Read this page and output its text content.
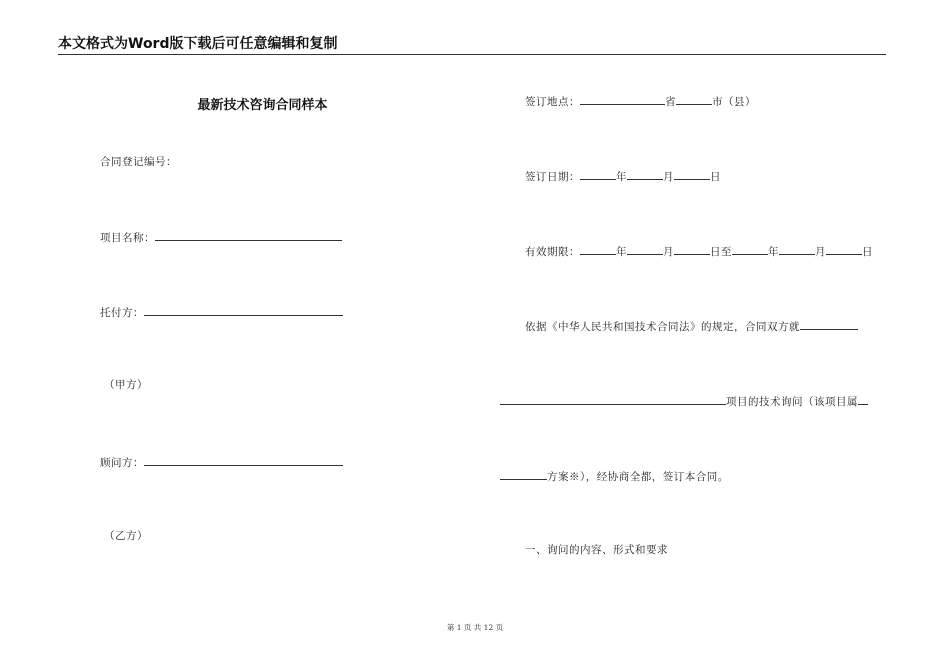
本文格式为Word版下载后可任意编辑和复制
最新技术咨询合同样本
合同登记编号：
项目名称：
托付方：
（甲方）
顾问方：
（乙方）
签订地点：	省	市（县）
签订日期：	年	月	日
有效期限：	年	月	日至	年	月	日
依据《中华人民共和国技术合同法》的规定，合同双方就
项目的技术询问（该项目属
方案※），经协商全都，签订本合同。
一、询问的内容、形式和要求
第 1 页 共 12 页
